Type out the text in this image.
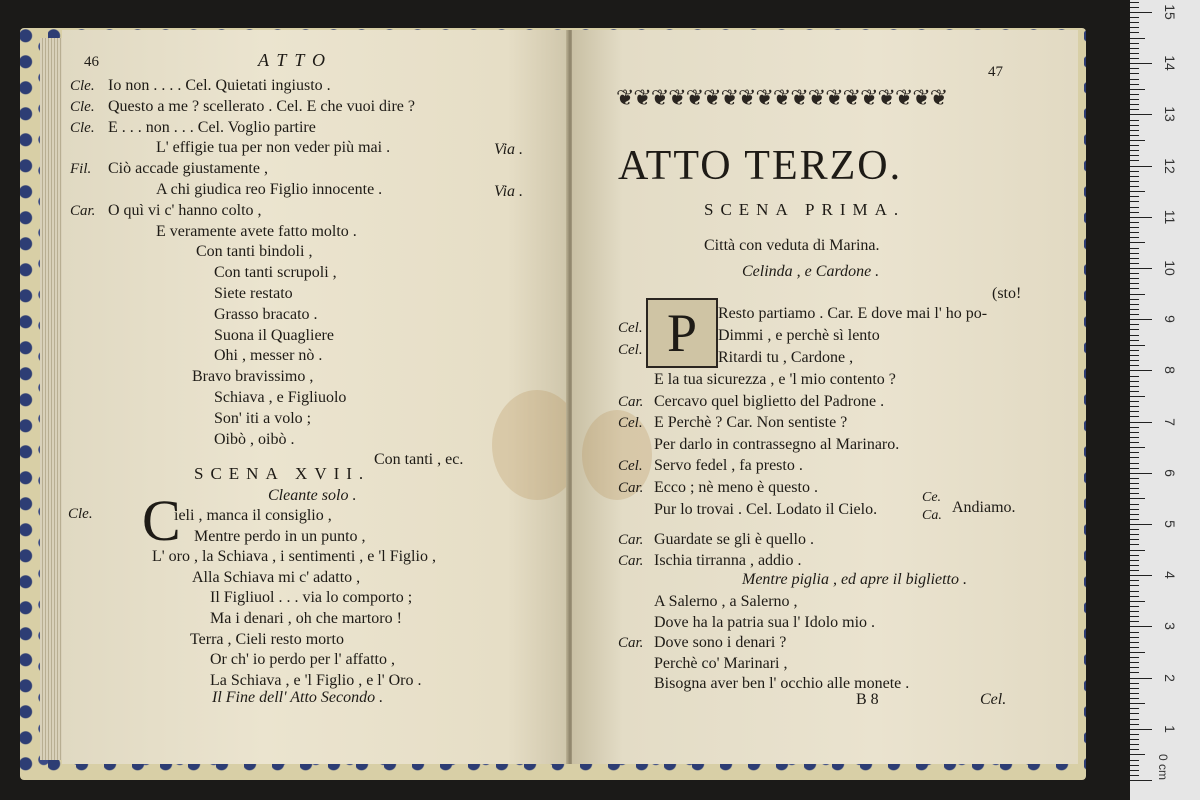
46	ATTO
Cle. Io non . . . . Cel. Quietati ingiusto .
Cle. Questo a me ? scellerato . Cel. E che vuoi dire ?
Cle. E . . . non . . . Cel. Voglio partire
L' effigie tua per non veder più mai .
Fil. Ciò accade giustamente ,
A chi giudica reo Figlio innocente .
Car. O quì vi c' hanno colto ,
E veramente avete fatto molto .
Con tanti bindoli ,
Con tanti scrupoli ,
Siete restato
Grasso bracato .
Suona il Quagliere
Ohi , messer nò .
Bravo bravissimo ,
Schiava , e Figliuolo
Son' iti a volo ;
Oibò , oibò .
Con tanti , ec.
Via .
Via .
SCENA XVII.
Cleante solo .
Cle. C
ieli , manca il consiglio ,
Mentre perdo in un punto ,
L' oro , la Schiava , i sentimenti , e 'l Figlio ,
Alla Schiava mi c' adatto ,
Il Figliuol . . . via lo comporto ;
Ma i denari , oh che martoro !
Terra , Cieli resto morto
Or ch' io perdo per l' affatto ,
La Schiava , e 'l Figlio , e l' Oro .
Il Fine dell' Atto Secondo .
47
❦❦❦❦❦❦❦❦❦❦❦❦❦❦❦❦❦❦❦
ATTO TERZO.
SCENA PRIMA.
Città con veduta di Marina.
Celinda , e Cardone .
(sto!
P
Cel.
Cel.
Resto partiamo . Car. E dove mai l' ho po-
Dimmi , e perchè sì lento
Ritardi tu , Cardone ,
E la tua sicurezza , e 'l mio contento ?
Car. Cercavo quel biglietto del Padrone .
Cel. E Perchè ? Car. Non sentiste ?
Per darlo in contrassegno al Marinaro.
Cel. Servo fedel , fa presto .
Car. Ecco ; nè meno è questo .
Pur lo trovai . Cel. Lodato il Cielo.
Ce.
Ca. Andiamo.
Car. Guardate se gli è quello .
Car. Ischia tirranna , addio .
Mentre piglia , ed apre il biglietto .
A Salerno , a Salerno ,
Dove ha la patria sua l' Idolo mio .
Car. Dove sono i denari ?
Perchè co' Marinari ,
Bisogna aver ben l' occhio alle monete .
B 8	Cel.
1
2
3
4
5
6
7
8
9
10
11
12
13
14
15
0 cm
